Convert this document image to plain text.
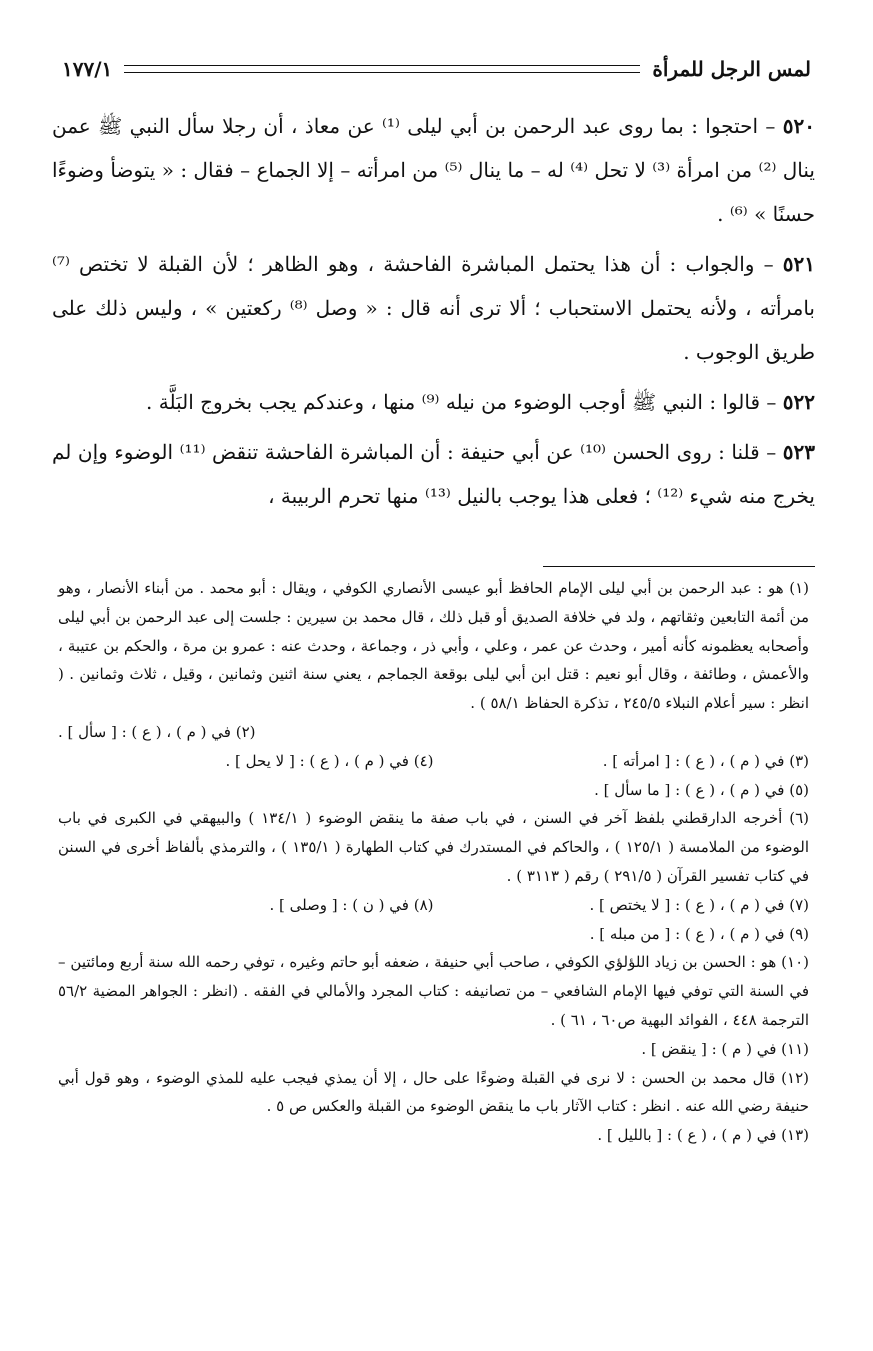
لمس الرجل للمرأة
١٧٧/١

٥٢٠ – احتجوا : بما روى عبد الرحمن بن أبي ليلى ⁽¹⁾ عن معاذ ، أن رجلا سأل النبي ﷺ عمن ينال ⁽²⁾ من امرأة ⁽³⁾ لا تحل ⁽⁴⁾ له – ما ينال ⁽⁵⁾ من امرأته – إلا الجماع – فقال : « يتوضأ وضوءًا حسنًا » ⁽⁶⁾ .

٥٢١ – والجواب : أن هذا يحتمل المباشرة الفاحشة ، وهو الظاهر ؛ لأن القبلة لا تختص ⁽⁷⁾ بامرأته ، ولأنه يحتمل الاستحباب ؛ ألا ترى أنه قال : « وصل ⁽⁸⁾ ركعتين » ، وليس ذلك على طريق الوجوب .

٥٢٢ – قالوا : النبي ﷺ أوجب الوضوء من نيله ⁽⁹⁾ منها ، وعندكم يجب بخروج البَلَّة .

٥٢٣ – قلنا : روى الحسن ⁽¹⁰⁾ عن أبي حنيفة : أن المباشرة الفاحشة تنقض ⁽¹¹⁾ الوضوء وإن لم يخرج منه شيء ⁽¹²⁾ ؛ فعلى هذا يوجب بالنيل ⁽¹³⁾ منها تحرم الربيبة ،

(١) هو : عبد الرحمن بن أبي ليلى الإمام الحافظ أبو عيسى الأنصاري الكوفي ، ويقال : أبو محمد . من أبناء الأنصار ، وهو من أئمة التابعين وثقاتهم ، ولد في خلافة الصديق أو قبل ذلك ، قال محمد بن سيرين : جلست إلى عبد الرحمن بن أبي ليلى وأصحابه يعظمونه كأنه أمير ، وحدث عن عمر ، وعلي ، وأبي ذر ، وجماعة ، وحدث عنه : عمرو بن مرة ، والحكم بن عتيبة ، والأعمش ، وطائفة ، وقال أبو نعيم : قتل ابن أبي ليلى بوقعة الجماجم ، يعني سنة اثنين وثمانين ، وقيل ، ثلاث وثمانين . ( انظر : سير أعلام النبلاء ٢٤٥/٥ ، تذكرة الحفاظ ٥٨/١ ) .

(٢) في ( م ) ، ( ع ) : [ سأل ] .

(٣) في ( م ) ، ( ع ) : [ امرأته ] .

(٤) في ( م ) ، ( ع ) : [ لا يحل ] .

(٥) في ( م ) ، ( ع ) : [ ما سأل ] .

(٦) أخرجه الدارقطني بلفظ آخر في السنن ، في باب صفة ما ينقض الوضوء ( ١٣٤/١ ) والبيهقي في الكبرى في باب الوضوء من الملامسة ( ١٢٥/١ ) ، والحاكم في المستدرك في كتاب الطهارة ( ١٣٥/١ ) ، والترمذي بألفاظ أخرى في السنن في كتاب تفسير القرآن ( ٢٩١/٥ ) رقم ( ٣١١٣ ) .

(٧) في ( م ) ، ( ع ) : [ لا يختص ] .

(٨) في ( ن ) : [ وصلى ] .

(٩) في ( م ) ، ( ع ) : [ من مبله ] .

(١٠) هو : الحسن بن زياد اللؤلؤي الكوفي ، صاحب أبي حنيفة ، ضعفه أبو حاتم وغيره ، توفي رحمه الله سنة أربع ومائتين – في السنة التي توفي فيها الإمام الشافعي – من تصانيفه : كتاب المجرد والأمالي في الفقه . (انظر : الجواهر المضية ٥٦/٢ الترجمة ٤٤٨ ، الفوائد البهية ص٦٠ ، ٦١ ) .

(١١) في ( م ) : [ ينقض ] .

(١٢) قال محمد بن الحسن : لا نرى في القبلة وضوءًا على حال ، إلا أن يمذي فيجب عليه للمذي الوضوء ، وهو قول أبي حنيفة رضي الله عنه . انظر : كتاب الآثار باب ما ينقض الوضوء من القبلة والعكس ص ٥ .

(١٣) في ( م ) ، ( ع ) : [ بالليل ] .
